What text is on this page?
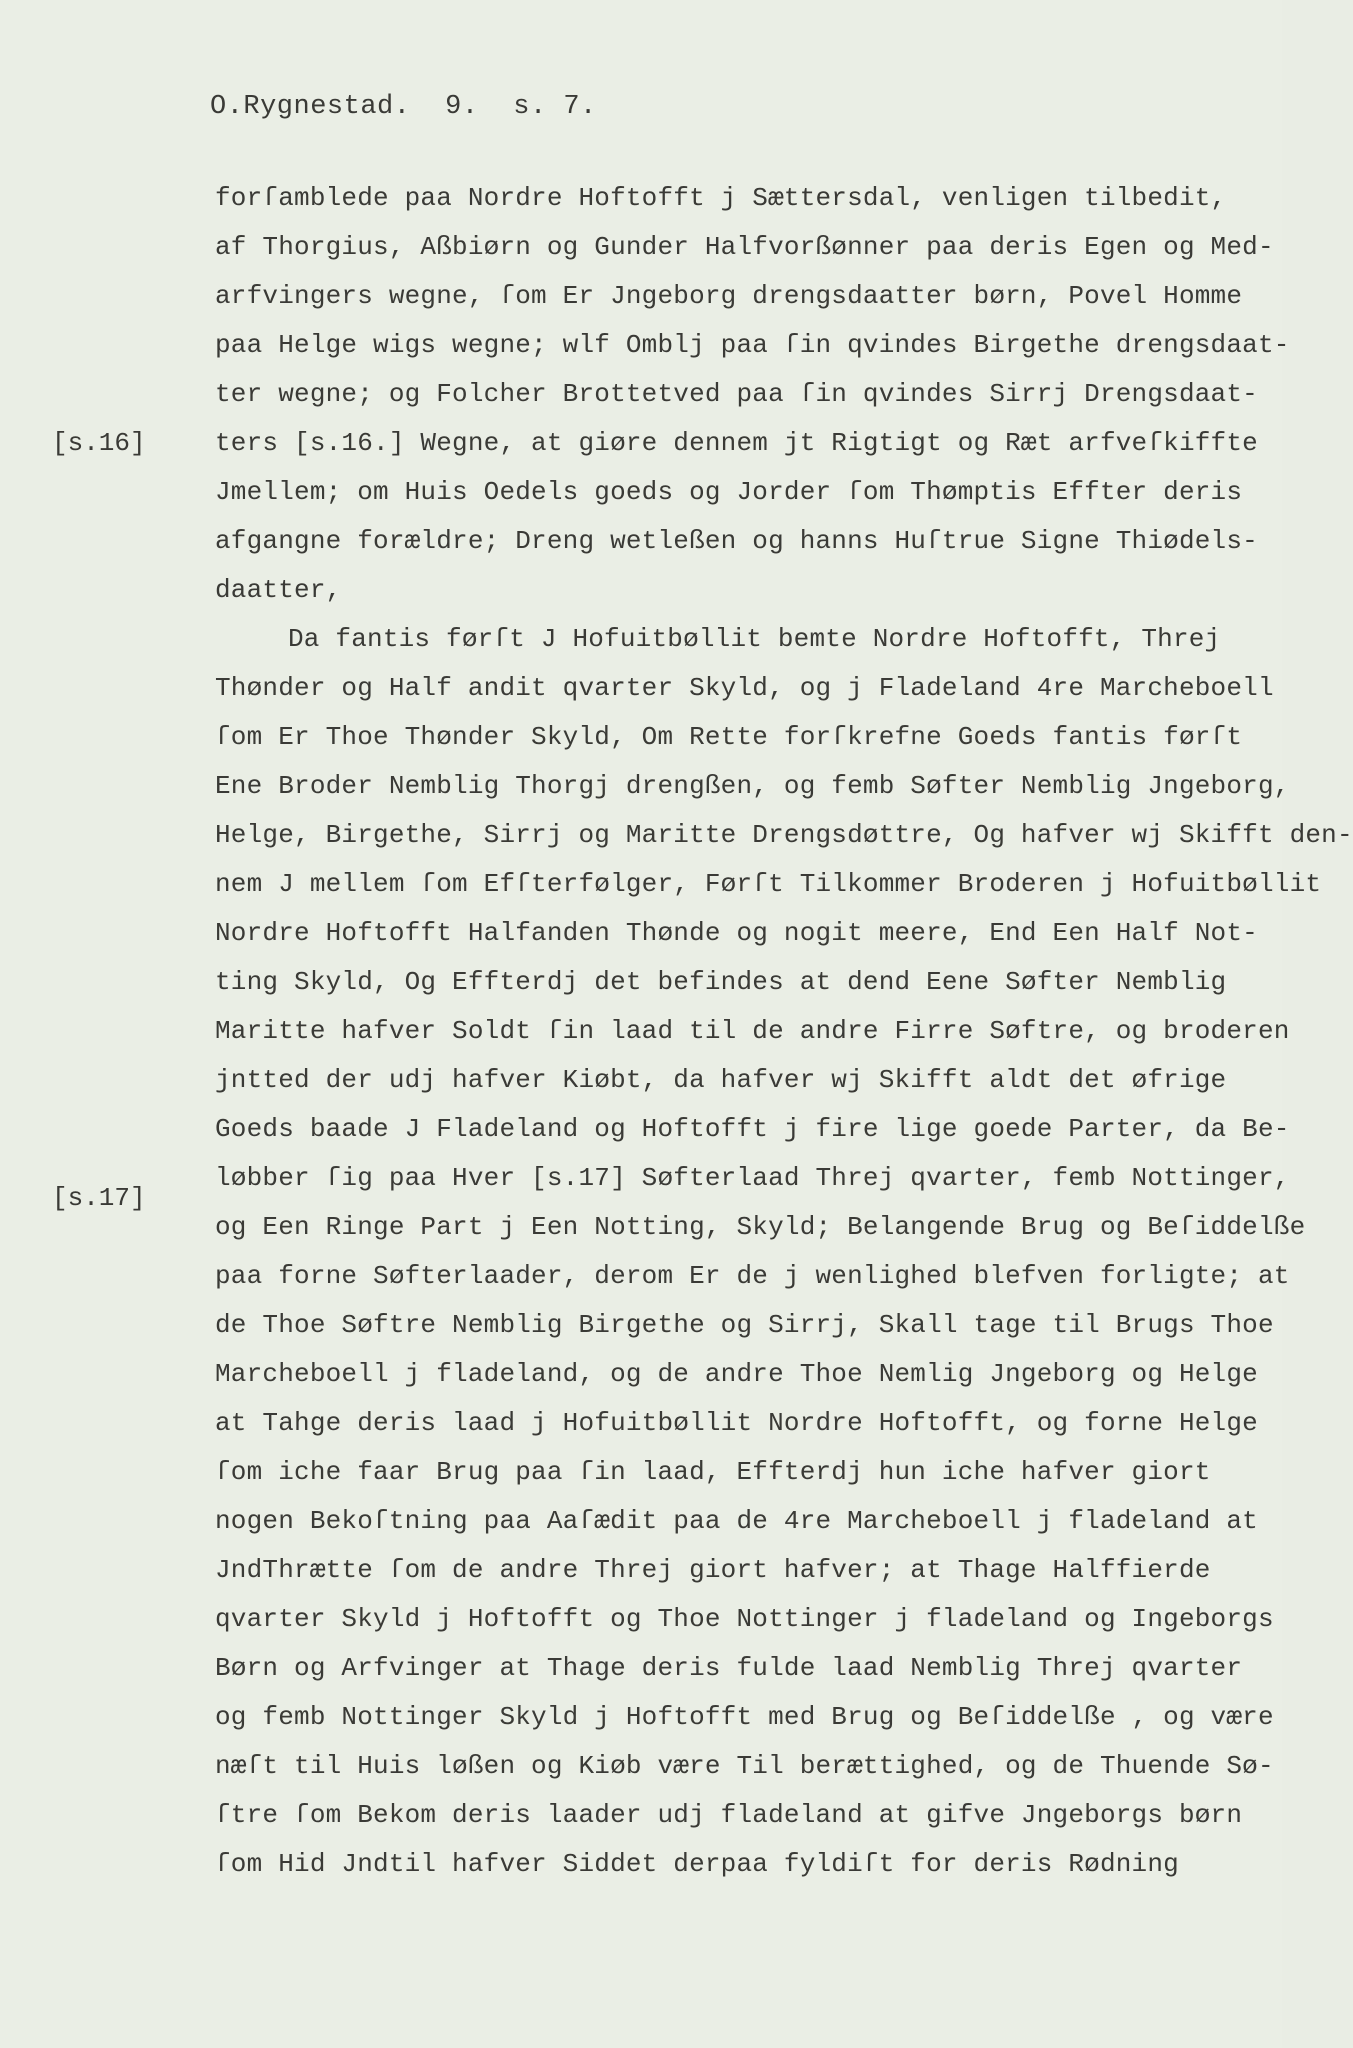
O.Rygnestad. 9. s. 7.
forſamblede paa Nordre Hoftofft j Sættersdal, venligen tilbedit,
af Thorgius, Aßbiørn og Gunder Halfvorßønner paa deris Egen og Med-
arfvingers wegne, ſom Er Jngeborg drengsdaatter børn, Povel Homme
paa Helge wigs wegne; wlf Omblj paa ſin qvindes Birgethe drengsdaat-
ter wegne; og Folcher Brottetved paa ſin qvindes Sirrj Drengsdaat-
ters [s.16.] Wegne, at giøre dennem jt Rigtigt og Ræt arfveſkiffte
Jmellem; om Huis Oedels goeds og Jorder ſom Thømptis Effter deris
afgangne forældre; Dreng wetleßen og hanns Huſtrue Signe Thiødels-
daatter,
Da fantis førſt J Hofuitbøllit bemte Nordre Hoftofft, Threj
Thønder og Half andit qvarter Skyld, og j Fladeland 4re Marcheboell
ſom Er Thoe Thønder Skyld, Om Rette forſkrefne Goeds fantis førſt
Ene Broder Nemblig Thorgj drengßen, og femb Søfter Nemblig Jngeborg,
Helge, Birgethe, Sirrj og Maritte Drengsdøttre, Og hafver wj Skifft den-
nem J mellem ſom Efſterfølger, Førſt Tilkommer Broderen j Hofuitbøllit
Nordre Hoftofft Halfanden Thønde og nogit meere, End Een Half Not-
ting Skyld, Og Effterdj det befindes at dend Eene Søfter Nemblig
Maritte hafver Soldt ſin laad til de andre Firre Søftre, og broderen
jntted der udj hafver Kiøbt, da hafver wj Skifft aldt det øfrige
Goeds baade J Fladeland og Hoftofft j fire lige goede Parter, da Be-
løbber ſig paa Hver [s.17] Søfterlaad Threj qvarter, femb Nottinger,
og Een Ringe Part j Een Notting, Skyld; Belangende Brug og Beſiddelße
paa forne Søfterlaader, derom Er de j wenlighed blefven forligte; at
de Thoe Søftre Nemblig Birgethe og Sirrj, Skall tage til Brugs Thoe
Marcheboell j fladeland, og de andre Thoe Nemlig Jngeborg og Helge
at Tahge deris laad j Hofuitbøllit Nordre Hoftofft, og forne Helge
ſom iche faar Brug paa ſin laad, Effterdj hun iche hafver giort
nogen Bekoſtning paa Aaſædit paa de 4re Marcheboell j fladeland at
JndThrætte ſom de andre Threj giort hafver; at Thage Halffierde
qvarter Skyld j Hoftofft og Thoe Nottinger j fladeland og Ingeborgs
Børn og Arfvinger at Thage deris fulde laad Nemblig Threj qvarter
og femb Nottinger Skyld j Hoftofft med Brug og Beſiddelße , og være
næſt til Huis løßen og Kiøb være Til berættighed, og de Thuende Sø-
ſtre ſom Bekom deris laader udj fladeland at gifve Jngeborgs børn
ſom Hid Jndtil hafver Siddet derpaa fyldiſt for deris Rødning
[s.16]
[s.17]
